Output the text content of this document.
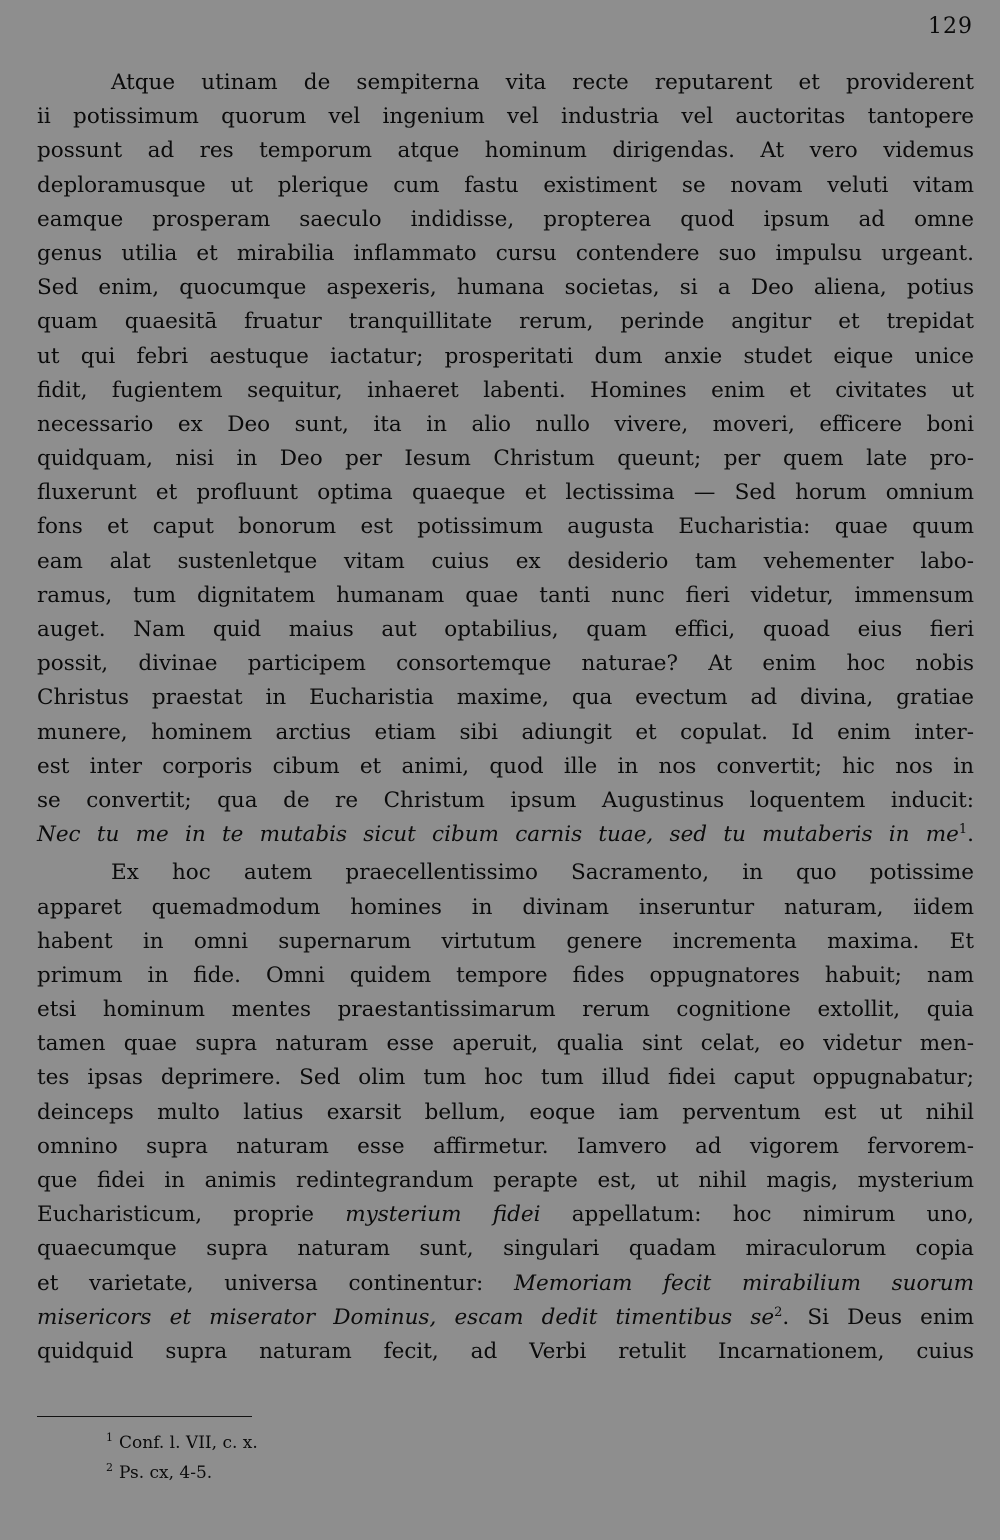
129
Atque utinam de sempiterna vita recte reputarent et providerent
ii potissimum quorum vel ingenium vel industria vel auctoritas tantopere
possunt ad res temporum atque hominum dirigendas. At vero videmus
deploramusque ut plerique cum fastu existiment se novam veluti vitam
eamque prosperam saeculo indidisse, propterea quod ipsum ad omne
genus utilia et mirabilia inflammato cursu contendere suo impulsu urgeant.
Sed enim, quocumque aspexeris, humana societas, si a Deo aliena, potius
quam quaesitā fruatur tranquillitate rerum, perinde angitur et trepidat
ut qui febri aestuque iactatur; prosperitati dum anxie studet eique unice
fidit, fugientem sequitur, inhaeret labenti. Homines enim et civitates ut
necessario ex Deo sunt, ita in alio nullo vivere, moveri, efficere boni
quidquam, nisi in Deo per Iesum Christum queunt; per quem late pro-
fluxerunt et profluunt optima quaeque et lectissima — Sed horum omnium
fons et caput bonorum est potissimum augusta Eucharistia: quae quum
eam alat sustenletque vitam cuius ex desiderio tam vehementer labo-
ramus, tum dignitatem humanam quae tanti nunc fieri videtur, immensum
auget. Nam quid maius aut optabilius, quam effici, quoad eius fieri
possit, divinae participem consortemque naturae? At enim hoc nobis
Christus praestat in Eucharistia maxime, qua evectum ad divina, gratiae
munere, hominem arctius etiam sibi adiungit et copulat. Id enim inter-
est inter corporis cibum et animi, quod ille in nos convertit; hic nos in
se convertit; qua de re Christum ipsum Augustinus loquentem inducit:
Nec tu me in te mutabis sicut cibum carnis tuae, sed tu mutaberis in $me^1$.
Ex hoc autem praecellentissimo Sacramento, in quo potissime
apparet quemadmodum homines in divinam inseruntur naturam, iidem
habent in omni supernarum virtutum genere incrementa maxima. Et
primum in fide. Omni quidem tempore fides oppugnatores habuit; nam
etsi hominum mentes praestantissimarum rerum cognitione extollit, quia
tamen quae supra naturam esse aperuit, qualia sint celat, eo videtur men-
tes ipsas deprimere. Sed olim tum hoc tum illud fidei caput oppugnabatur;
deinceps multo latius exarsit bellum, eoque iam perventum est ut nihil
omnino supra naturam esse affirmetur. Iamvero ad vigorem fervorem-
que fidei in animis redintegrandum perapte est, ut nihil magis, mysterium
Eucharisticum, proprie mysterium fidei appellatum: hoc nimirum uno,
quaecumque supra naturam sunt, singulari quadam miraculorum copia
et varietate, universa continentur: Memoriam fecit mirabilium suorum
misericors et miserator Dominus, escam dedit timentibus $se^2$. Si Deus enim
quidquid supra naturam fecit, ad Verbi retulit Incarnationem, cuius
$^1$ Conf. l. VII, c. x.
$^2$ Ps. cx, 4-5.
